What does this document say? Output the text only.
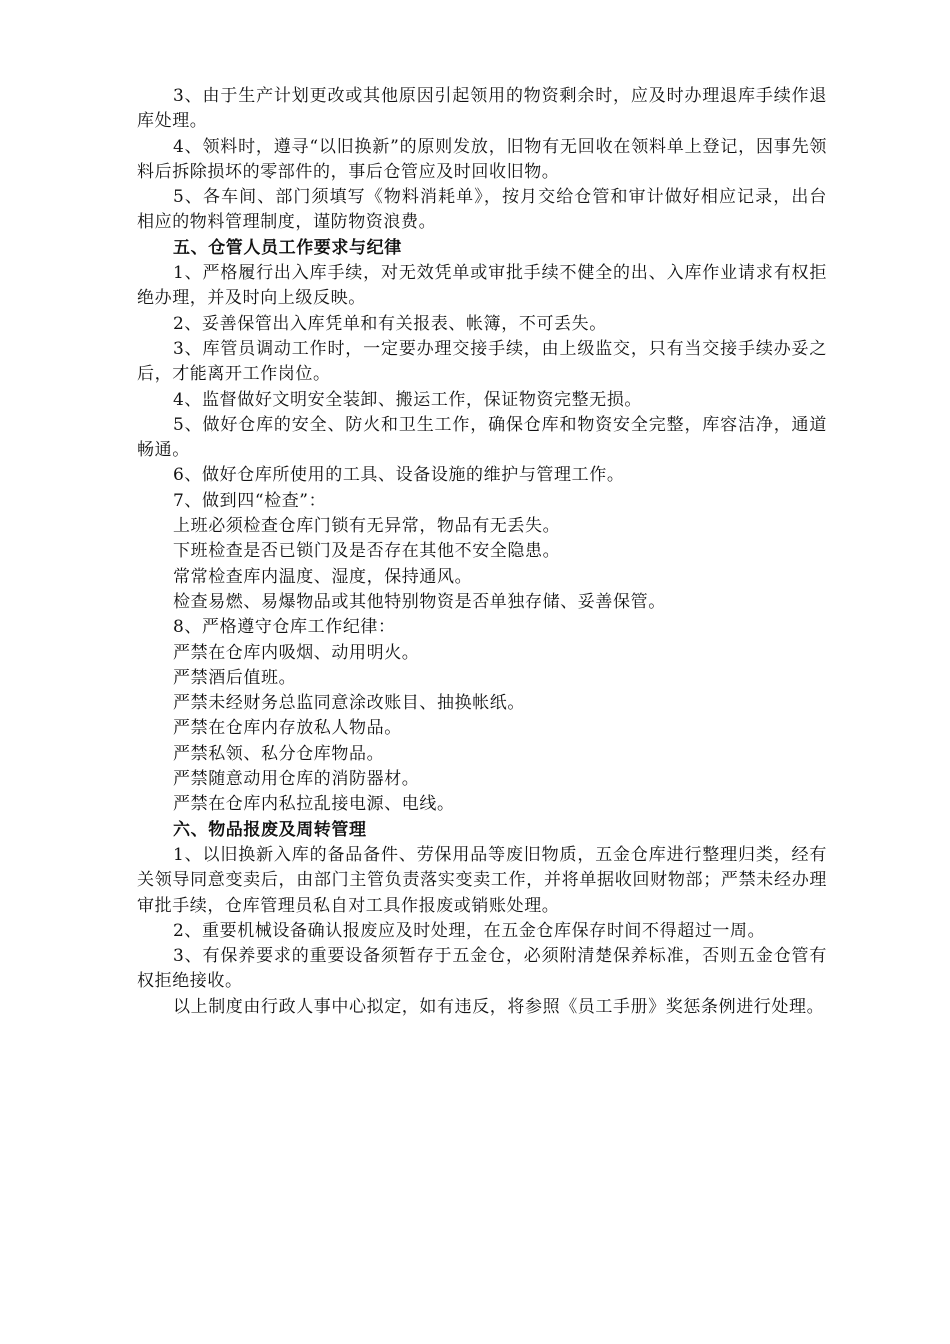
3、由于生产计划更改或其他原因引起领用的物资剩余时，应及时办理退库手续作退库处理。

4、领料时，遵寻“以旧换新”的原则发放，旧物有无回收在领料单上登记，因事先领料后拆除损坏的零部件的，事后仓管应及时回收旧物。

5、各车间、部门须填写《物料消耗单》，按月交给仓管和审计做好相应记录，出台相应的物料管理制度，谨防物资浪费。

五、仓管人员工作要求与纪律

1、严格履行出入库手续，对无效凭单或审批手续不健全的出、入库作业请求有权拒绝办理，并及时向上级反映。

2、妥善保管出入库凭单和有关报表、帐簿，不可丢失。

3、库管员调动工作时，一定要办理交接手续，由上级监交，只有当交接手续办妥之后，才能离开工作岗位。

4、监督做好文明安全装卸、搬运工作，保证物资完整无损。

5、做好仓库的安全、防火和卫生工作，确保仓库和物资安全完整，库容洁净，通道畅通。

6、做好仓库所使用的工具、设备设施的维护与管理工作。

7、做到四“检查”：

上班必须检查仓库门锁有无异常，物品有无丢失。

下班检查是否已锁门及是否存在其他不安全隐患。

常常检查库内温度、湿度，保持通风。

检查易燃、易爆物品或其他特别物资是否单独存储、妥善保管。

8、严格遵守仓库工作纪律：

严禁在仓库内吸烟、动用明火。

严禁酒后值班。

严禁未经财务总监同意涂改账目、抽换帐纸。

严禁在仓库内存放私人物品。

严禁私领、私分仓库物品。

严禁随意动用仓库的消防器材。

严禁在仓库内私拉乱接电源、电线。

六、物品报废及周转管理

1、以旧换新入库的备品备件、劳保用品等废旧物质，五金仓库进行整理归类，经有关领导同意变卖后，由部门主管负责落实变卖工作，并将单据收回财物部；严禁未经办理审批手续，仓库管理员私自对工具作报废或销账处理。

2、重要机械设备确认报废应及时处理，在五金仓库保存时间不得超过一周。

3、有保养要求的重要设备须暂存于五金仓，必须附清楚保养标准，否则五金仓管有权拒绝接收。

以上制度由行政人事中心拟定，如有违反，将参照《员工手册》奖惩条例进行处理。
